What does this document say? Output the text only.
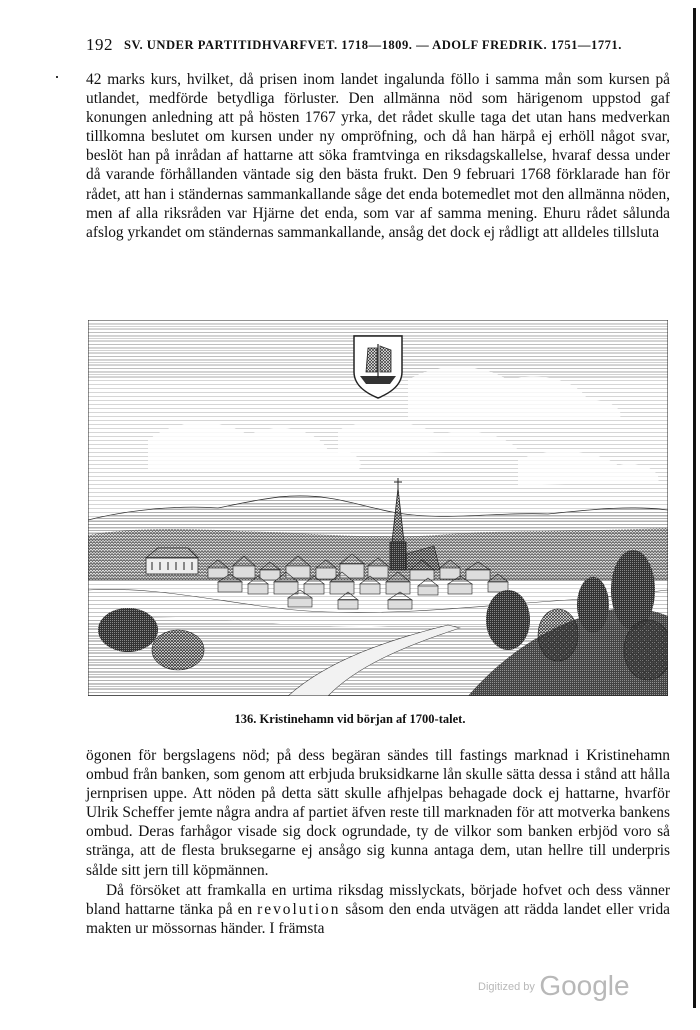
192 SV. UNDER PARTITIDHVARFVET. 1718—1809. — ADOLF FREDRIK. 1751—1771.

42 marks kurs, hvilket, då prisen inom landet ingalunda föllo i samma mån som kursen på utlandet, medförde betydliga förluster. Den allmänna nöd som härigenom uppstod gaf konungen anledning att på hösten 1767 yrka, det rådet skulle taga det utan hans medverkan tillkomna beslutet om kursen under ny ompröfning, och då han härpå ej erhöll något svar, beslöt han på inrådan af hattarne att söka framtvinga en riksdagskallelse, hvaraf dessa under då varande förhållanden väntade sig den bästa frukt. Den 9 februari 1768 förklarade han för rådet, att han i ständernas sammankallande såge det enda botemedlet mot den allmänna nöden, men af alla riksråden var Hjärne det enda, som var af samma mening. Ehuru rådet sålunda afslog yrkandet om ständernas sammankallande, ansåg det dock ej rådligt att alldeles tillsluta

136. Kristinehamn vid början af 1700-talet.

ögonen för bergslagens nöd; på dess begäran sändes till fastings marknad i Kristinehamn ombud från banken, som genom att erbjuda bruksidkarne lån skulle sätta dessa i stånd att hålla jernprisen uppe. Att nöden på detta sätt skulle afhjelpas behagade dock ej hattarne, hvarför Ulrik Scheffer jemte några andra af partiet äfven reste till marknaden för att motverka bankens ombud. Deras farhågor visade sig dock ogrundade, ty de vilkor som banken erbjöd voro så stränga, att de flesta bruksegarne ej ansågo sig kunna antaga dem, utan hellre till underpris sålde sitt jern till köpmännen.

Då försöket att framkalla en urtima riksdag misslyckats, började hofvet och dess vänner bland hattarne tänka på en revolution såsom den enda utvägen att rädda landet eller vrida makten ur mössornas händer. I främsta

$^{Digitized by}$ Google
